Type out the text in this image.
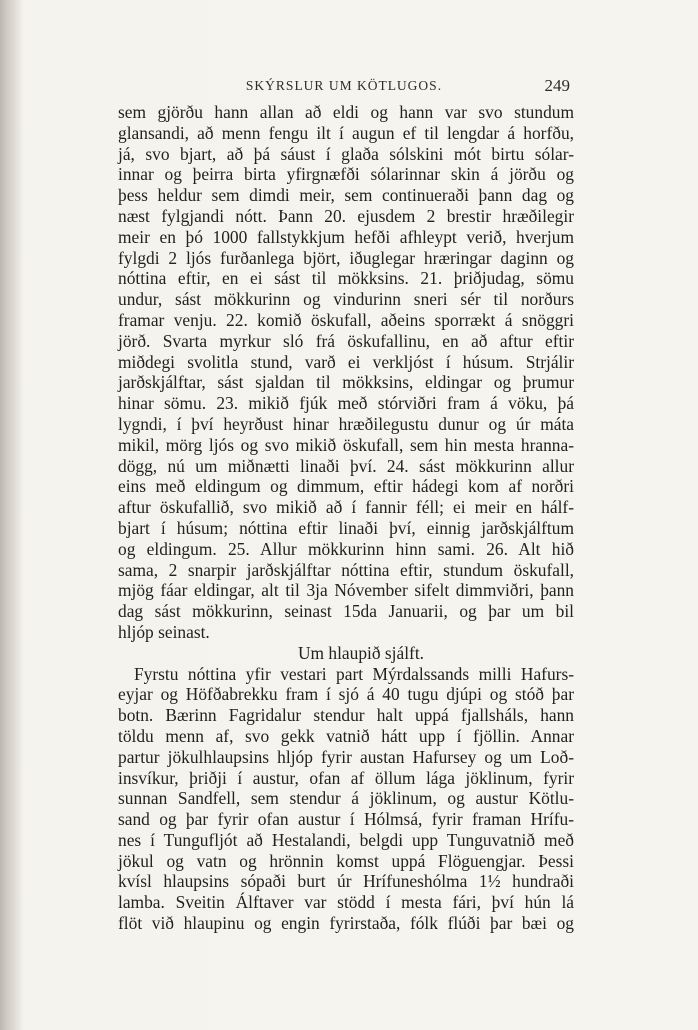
SKÝRSLUR UM KÖTLUGOS.	249
sem gjörðu hann allan að eldi og hann var svo stundum
glansandi, að menn fengu ilt í augun ef til lengdar á horfðu,
já, svo bjart, að þá sáust í glaða sólskini mót birtu sólar-
innar og þeirra birta yfirgnæfði sólarinnar skin á jörðu og
þess heldur sem dimdi meir, sem continueraði þann dag og
næst fylgjandi nótt. Þann 20. ejusdem 2 brestir hræðilegir
meir en þó 1000 fallstykkjum hefði afhleypt verið, hverjum
fylgdi 2 ljós furðanlega björt, iðuglegar hræringar daginn og
nóttina eftir, en ei sást til mökksins. 21. þriðjudag, sömu
undur, sást mökkurinn og vindurinn sneri sér til norðurs
framar venju. 22. komið öskufall, aðeins sporrækt á snöggri
jörð. Svarta myrkur sló frá öskufallinu, en að aftur eftir
miðdegi svolitla stund, varð ei verkljóst í húsum. Strjálir
jarðskjálftar, sást sjaldan til mökksins, eldingar og þrumur
hinar sömu. 23. mikið fjúk með stórviðri fram á vöku, þá
lygndi, í því heyrðust hinar hræðilegustu dunur og úr máta
mikil, mörg ljós og svo mikið öskufall, sem hin mesta hranna-
dögg, nú um miðnætti linaði því. 24. sást mökkurinn allur
eins með eldingum og dimmum, eftir hádegi kom af norðri
aftur öskufallið, svo mikið að í fannir féll; ei meir en hálf-
bjart í húsum; nóttina eftir linaði því, einnig jarðskjálftum
og eldingum. 25. Allur mökkurinn hinn sami. 26. Alt hið
sama, 2 snarpir jarðskjálftar nóttina eftir, stundum öskufall,
mjög fáar eldingar, alt til 3ja Nóvember sifelt dimmviðri, þann
dag sást mökkurinn, seinast 15da Januarii, og þar um bil
hljóp seinast.
Um hlaupið sjálft.
Fyrstu nóttina yfir vestari part Mýrdalssands milli Hafurs-
eyjar og Höfðabrekku fram í sjó á 40 tugu djúpi og stóð þar
botn. Bærinn Fagridalur stendur halt uppá fjallsháls, hann
töldu menn af, svo gekk vatnið hátt upp í fjöllin. Annar
partur jökulhlaupsins hljóp fyrir austan Hafursey og um Loð-
insvíkur, þriðji í austur, ofan af öllum lága jöklinum, fyrir
sunnan Sandfell, sem stendur á jöklinum, og austur Kötlu-
sand og þar fyrir ofan austur í Hólmsá, fyrir framan Hrífu-
nes í Tunguflјót að Hestalandi, belgdi upp Tunguvatnið með
jökul og vatn og hrönnin komst uppá Flöguengjar. Þessi
kvísl hlaupsins sópaði burt úr Hrífuneshólma 1½ hundraði
lamba. Sveitin Álftaver var stödd í mesta fári, því hún lá
flöt við hlaupinu og engin fyrirstaða, fólk flúði þar bæi og
